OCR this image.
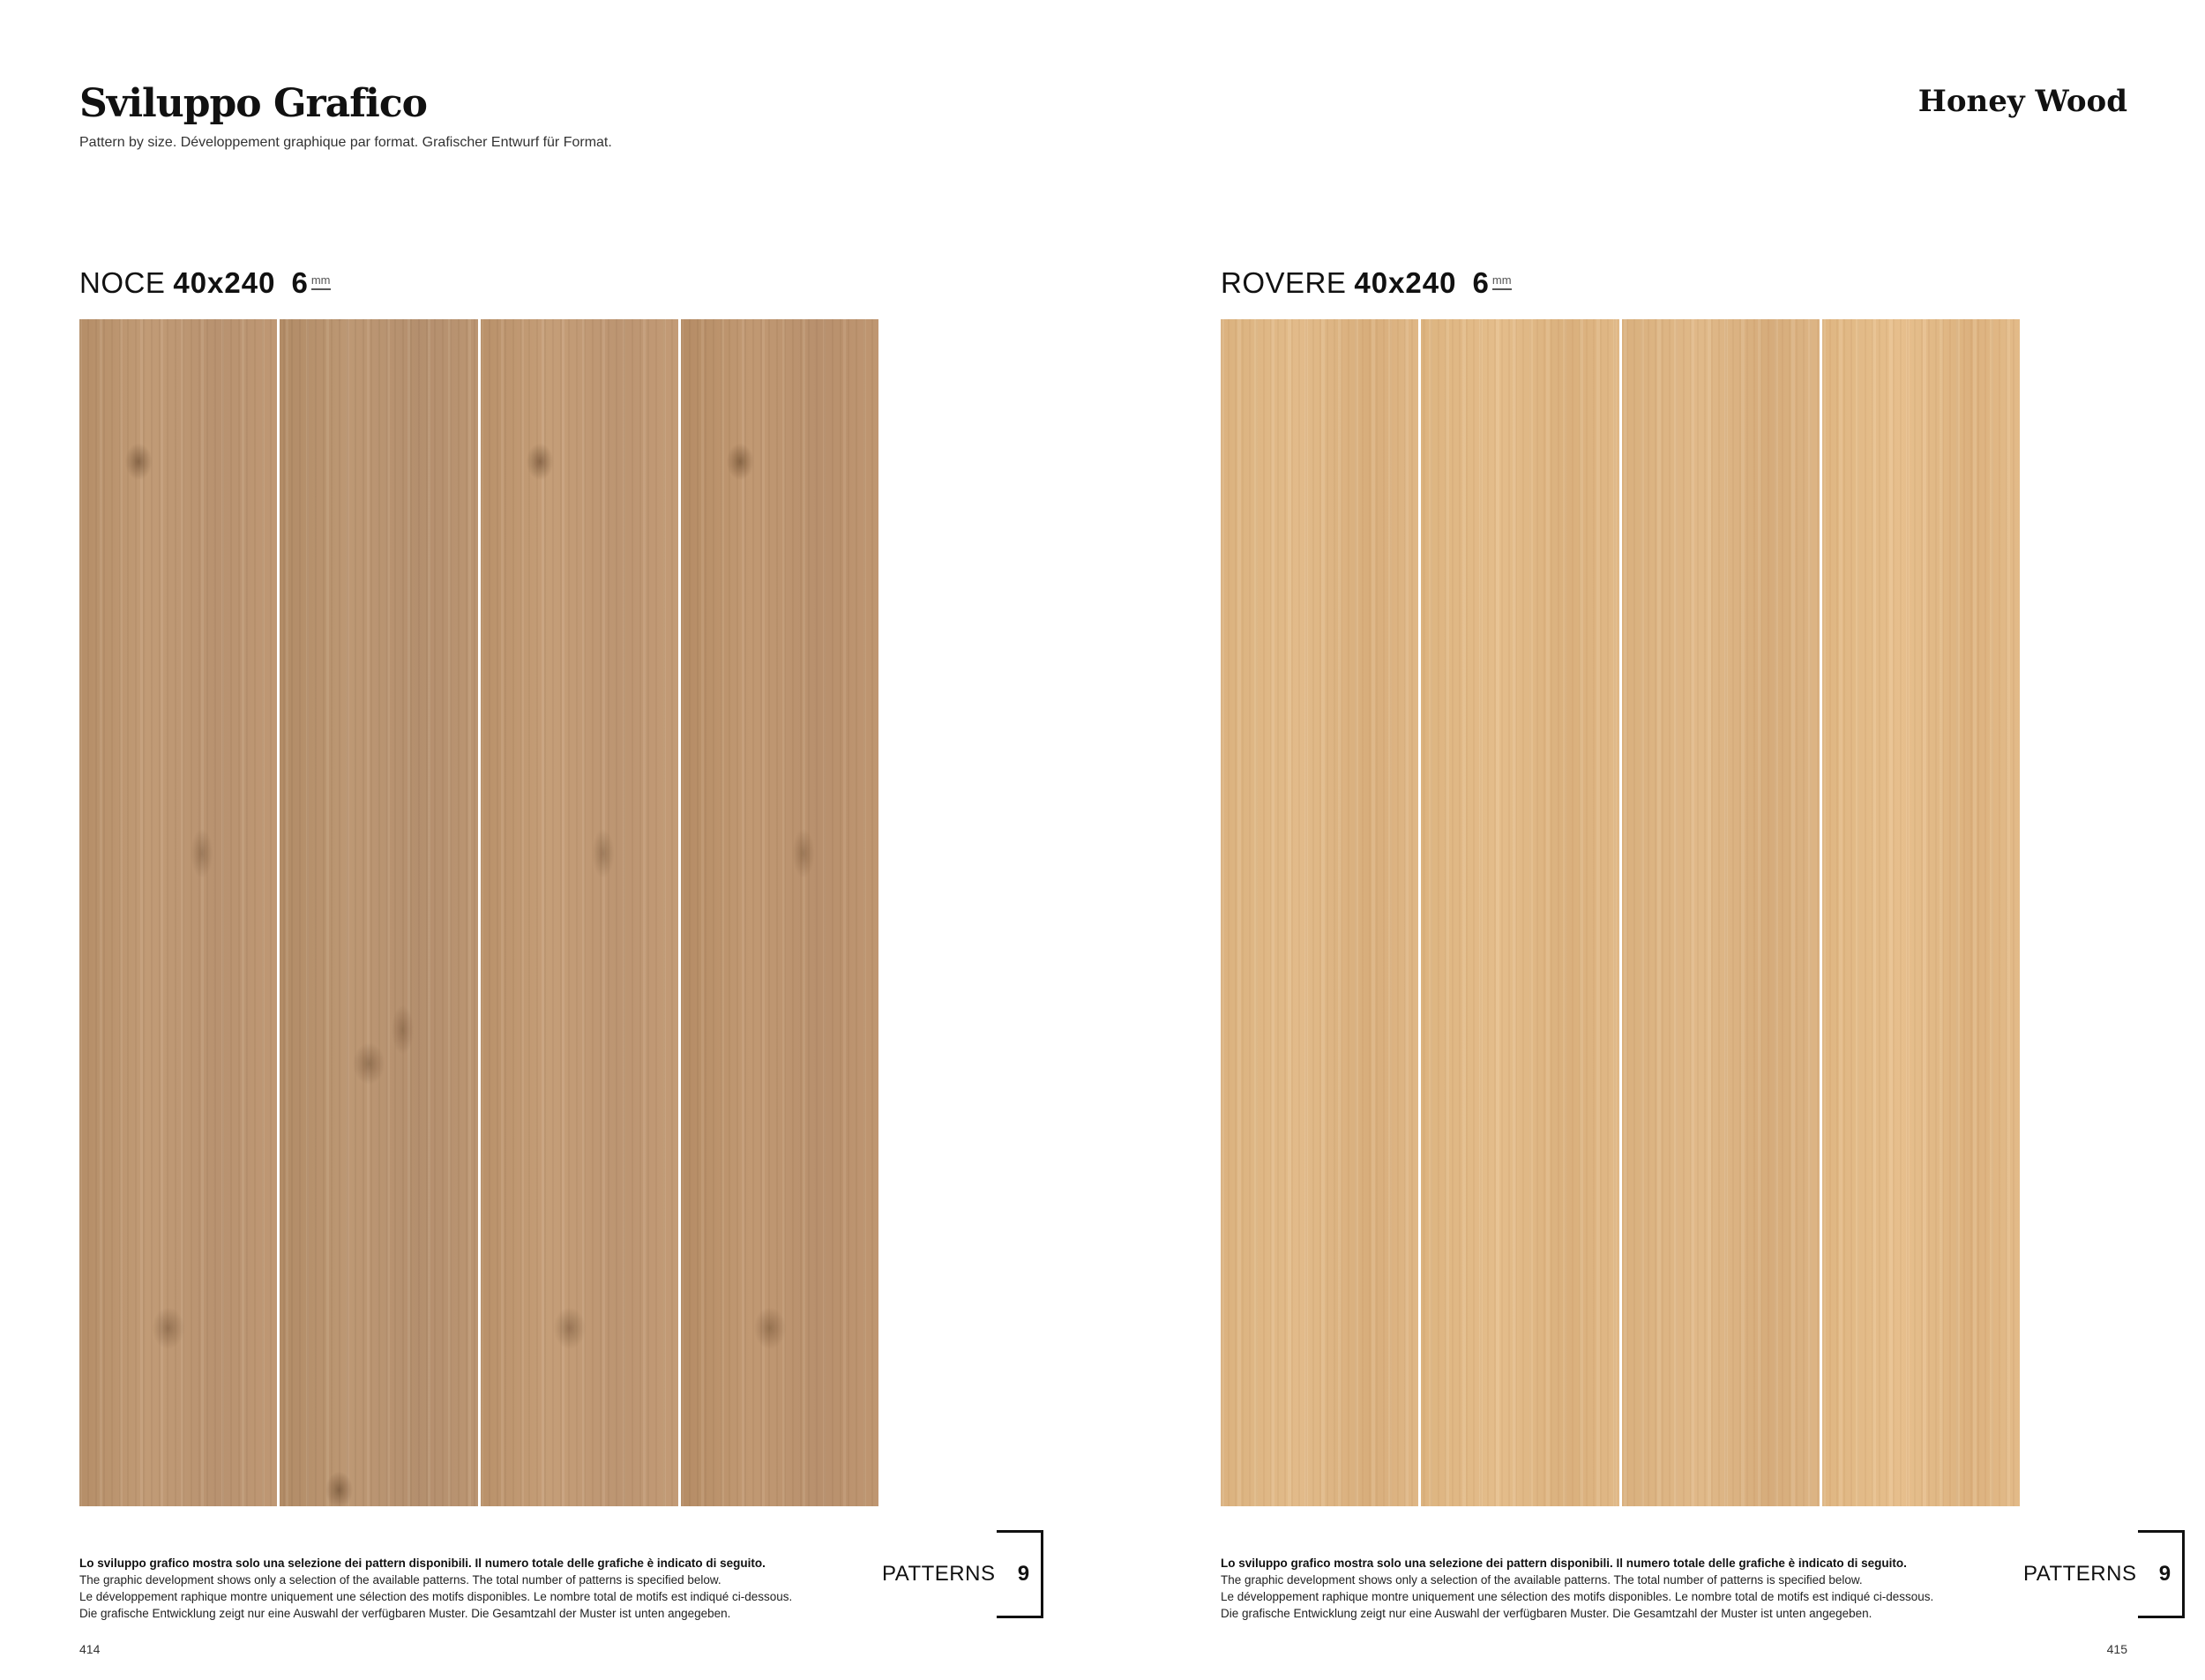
Sviluppo Grafico
Pattern by size. Développement graphique par format. Grafischer Entwurf für Format.
Honey Wood
NOCE 40x240 6 mm
Lo sviluppo grafico mostra solo una selezione dei pattern disponibili. Il numero totale delle grafiche è indicato di seguito.
The graphic development shows only a selection of the available patterns. The total number of patterns is specified below.
Le développement raphique montre uniquement une sélection des motifs disponibles. Le nombre total de motifs est indiqué ci-dessous.
Die grafische Entwicklung zeigt nur eine Auswahl der verfügbaren Muster. Die Gesamtzahl der Muster ist unten angegeben.
PATTERNS 9
414
ROVERE 40x240 6 mm
Lo sviluppo grafico mostra solo una selezione dei pattern disponibili. Il numero totale delle grafiche è indicato di seguito.
The graphic development shows only a selection of the available patterns. The total number of patterns is specified below.
Le développement raphique montre uniquement une sélection des motifs disponibles. Le nombre total de motifs est indiqué ci-dessous.
Die grafische Entwicklung zeigt nur eine Auswahl der verfügbaren Muster. Die Gesamtzahl der Muster ist unten angegeben.
PATTERNS 9
415
